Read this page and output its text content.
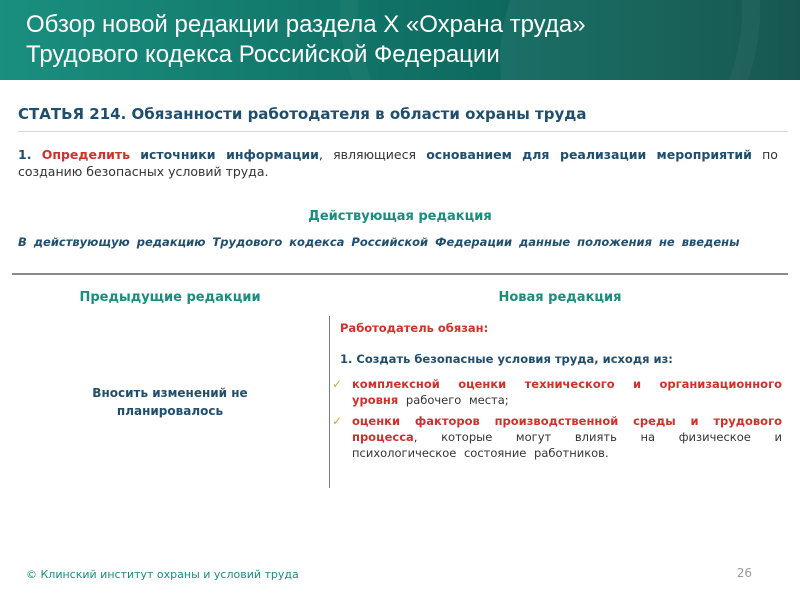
Обзор новой редакции раздела Х «Охрана труда»
Трудового кодекса Российской Федерации
СТАТЬЯ 214. Обязанности работодателя в области охраны труда
1. Определить источники информации, являющиеся основанием для реализации мероприятий по созданию безопасных условий труда.
Действующая редакция
В действующую редакцию Трудового кодекса Российской Федерации данные положения не введены
Предыдущие редакции	Новая редакция
Вносить изменений не планировалось
Работодатель обязан:
1. Создать безопасные условия труда, исходя из:
✓ комплексной оценки технического и организационного уровня рабочего места;
✓ оценки факторов производственной среды и трудового процесса, которые могут влиять на физическое и психологическое состояние работников.
© Клинский институт охраны и условий труда	26
